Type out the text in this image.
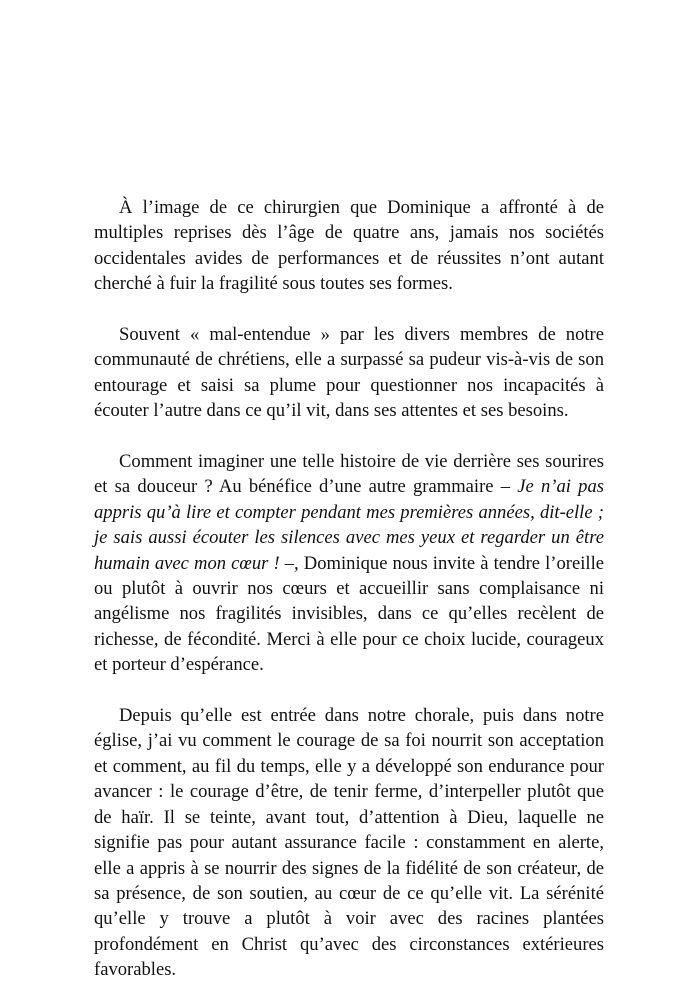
À l’image de ce chirurgien que Dominique a affronté à de multiples reprises dès l’âge de quatre ans, jamais nos sociétés occidentales avides de performances et de réussites n’ont autant cherché à fuir la fragilité sous toutes ses formes.

Souvent « mal-entendue » par les divers membres de notre communauté de chrétiens, elle a surpassé sa pudeur vis-à-vis de son entourage et saisi sa plume pour questionner nos incapacités à écouter l’autre dans ce qu’il vit, dans ses attentes et ses besoins.

Comment imaginer une telle histoire de vie derrière ses sourires et sa douceur ? Au bénéfice d’une autre grammaire – Je n’ai pas appris qu’à lire et compter pendant mes premières années, dit-elle ; je sais aussi écouter les silences avec mes yeux et regarder un être humain avec mon cœur ! –, Dominique nous invite à tendre l’oreille ou plutôt à ouvrir nos cœurs et accueillir sans complaisance ni angélisme nos fragilités invisibles, dans ce qu’elles recèlent de richesse, de fécondité. Merci à elle pour ce choix lucide, courageux et porteur d’espérance.

Depuis qu’elle est entrée dans notre chorale, puis dans notre église, j’ai vu comment le courage de sa foi nourrit son acceptation et comment, au fil du temps, elle y a développé son endurance pour avancer : le courage d’être, de tenir ferme, d’interpeller plutôt que de haïr. Il se teinte, avant tout, d’attention à Dieu, laquelle ne signifie pas pour autant assurance facile : constamment en alerte, elle a appris à se nourrir des signes de la fidélité de son créateur, de sa présence, de son soutien, au cœur de ce qu’elle vit. La sérénité qu’elle y trouve a plutôt à voir avec des racines plantées profondément en Christ qu’avec des circonstances extérieures favorables.
